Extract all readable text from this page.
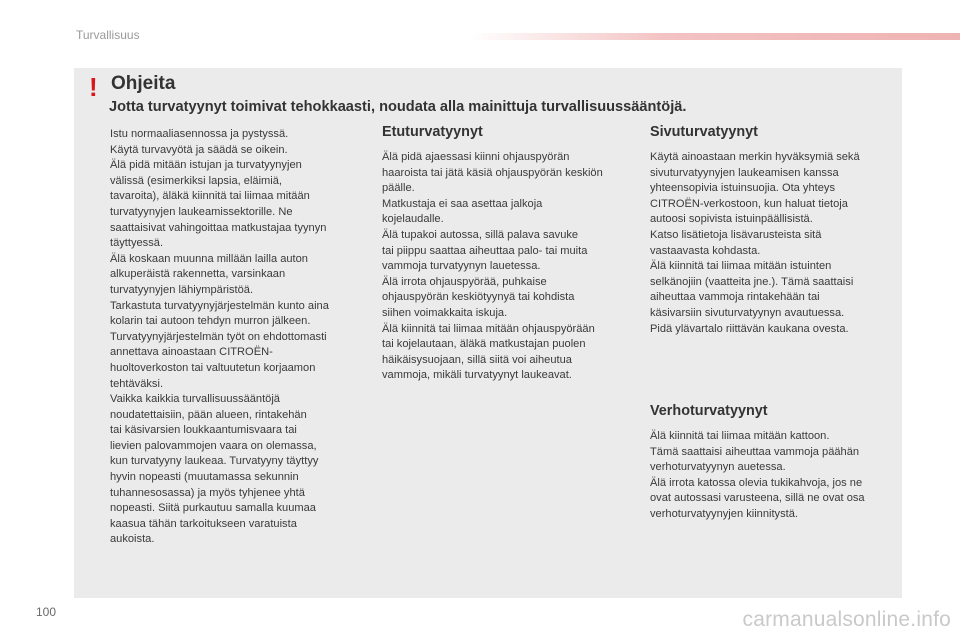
Turvallisuus
! Ohjeita
Jotta turvatyynyt toimivat tehokkaasti, noudata alla mainittuja turvallisuussääntöjä.
Istu normaaliasennossa ja pystyssä.
Käytä turvavyötä ja säädä se oikein.
Älä pidä mitään istujan ja turvatyynyjen
välissä (esimerkiksi lapsia, eläimiä,
tavaroita), äläkä kiinnitä tai liimaa mitään
turvatyynyjen laukeamissektorille. Ne
saattaisivat vahingoittaa matkustajaa tyynyn
täyttyessä.
Älä koskaan muunna millään lailla auton
alkuperäistä rakennetta, varsinkaan
turvatyynyjen lähiympäristöä.
Tarkastuta turvatyynyjärjestelmän kunto aina
kolarin tai autoon tehdyn murron jälkeen.
Turvatyynyjärjestelmän työt on ehdottomasti
annettava ainoastaan CITROËN-
huoltoverkoston tai valtuutetun korjaamon
tehtäväksi.
Vaikka kaikkia turvallisuussääntöjä
noudatettaisiin, pään alueen, rintakehän
tai käsivarsien loukkaantumisvaara tai
lievien palovammojen vaara on olemassa,
kun turvatyyny laukeaa. Turvatyyny täyttyy
hyvin nopeasti (muutamassa sekunnin
tuhannesosassa) ja myös tyhjenee yhtä
nopeasti. Siitä purkautuu samalla kuumaa
kaasua tähän tarkoitukseen varatuista
aukoista.
Etuturvatyynyt
Älä pidä ajaessasi kiinni ohjauspyörän
haaroista tai jätä käsiä ohjauspyörän keskiön
päälle.
Matkustaja ei saa asettaa jalkoja
kojelaudalle.
Älä tupakoi autossa, sillä palava savuke
tai piippu saattaa aiheuttaa palo- tai muita
vammoja turvatyynyn lauetessa.
Älä irrota ohjauspyörää, puhkaise
ohjauspyörän keskiötyynyä tai kohdista
siihen voimakkaita iskuja.
Älä kiinnitä tai liimaa mitään ohjauspyörään
tai kojelautaan, äläkä matkustajan puolen
häikäisysuojaan, sillä siitä voi aiheutua
vammoja, mikäli turvatyynyt laukeavat.
Sivuturvatyynyt
Käytä ainoastaan merkin hyväksymiä sekä
sivuturvatyynyjen laukeamisen kanssa
yhteensopivia istuinsuojia. Ota yhteys
CITROËN-verkostoon, kun haluat tietoja
autoosi sopivista istuinpäällisistä.
Katso lisätietoja lisävarusteista sitä
vastaavasta kohdasta.
Älä kiinnitä tai liimaa mitään istuinten
selkänojiin (vaatteita jne.). Tämä saattaisi
aiheuttaa vammoja rintakehään tai
käsivarsiin sivuturvatyynyn avautuessa.
Pidä ylävartalo riittävän kaukana ovesta.
Verhoturvatyynyt
Älä kiinnitä tai liimaa mitään kattoon.
Tämä saattaisi aiheuttaa vammoja päähän
verhoturvatyynyn auetessa.
Älä irrota katossa olevia tukikahvoja, jos ne
ovat autossasi varusteena, sillä ne ovat osa
verhoturvatyynyjen kiinnitystä.
100	carmanualsonline.info
